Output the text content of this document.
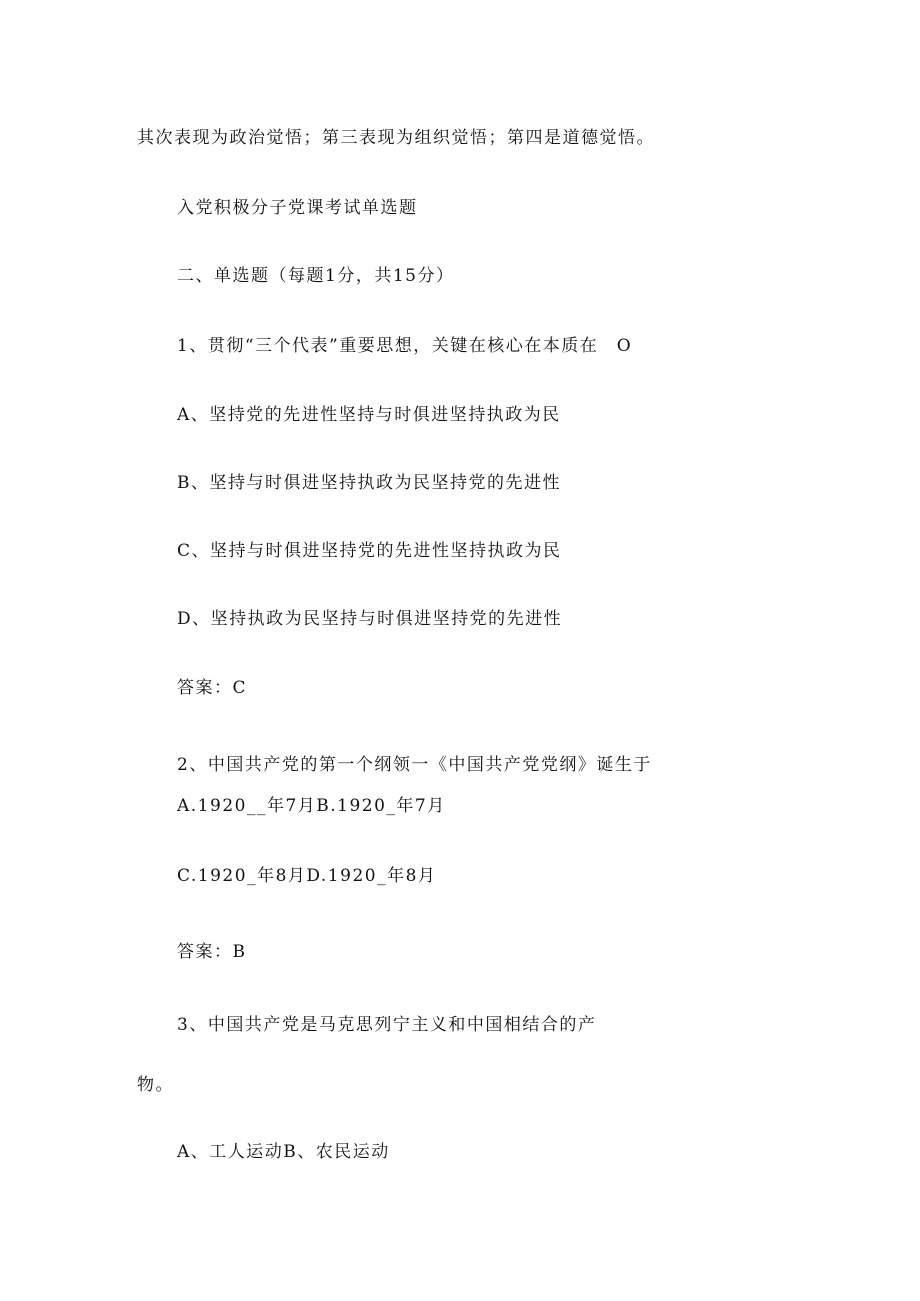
其次表现为政治觉悟；第三表现为组织觉悟；第四是道德觉悟。
入党积极分子党课考试单选题
二、单选题（每题1分，共15分）
1、贯彻“三个代表”重要思想，关键在核心在本质在　O
A、坚持党的先进性坚持与时俱进坚持执政为民
B、坚持与时俱进坚持执政为民坚持党的先进性
C、坚持与时俱进坚持党的先进性坚持执政为民
D、坚持执政为民坚持与时俱进坚持党的先进性
答案：C
2、中国共产党的第一个纲领一《中国共产党党纲》诞生于
A.1920__年7月B.1920_年7月
C.1920_年8月D.1920_年8月
答案：B
3、中国共产党是马克思列宁主义和中国相结合的产
物。
A、工人运动B、农民运动
